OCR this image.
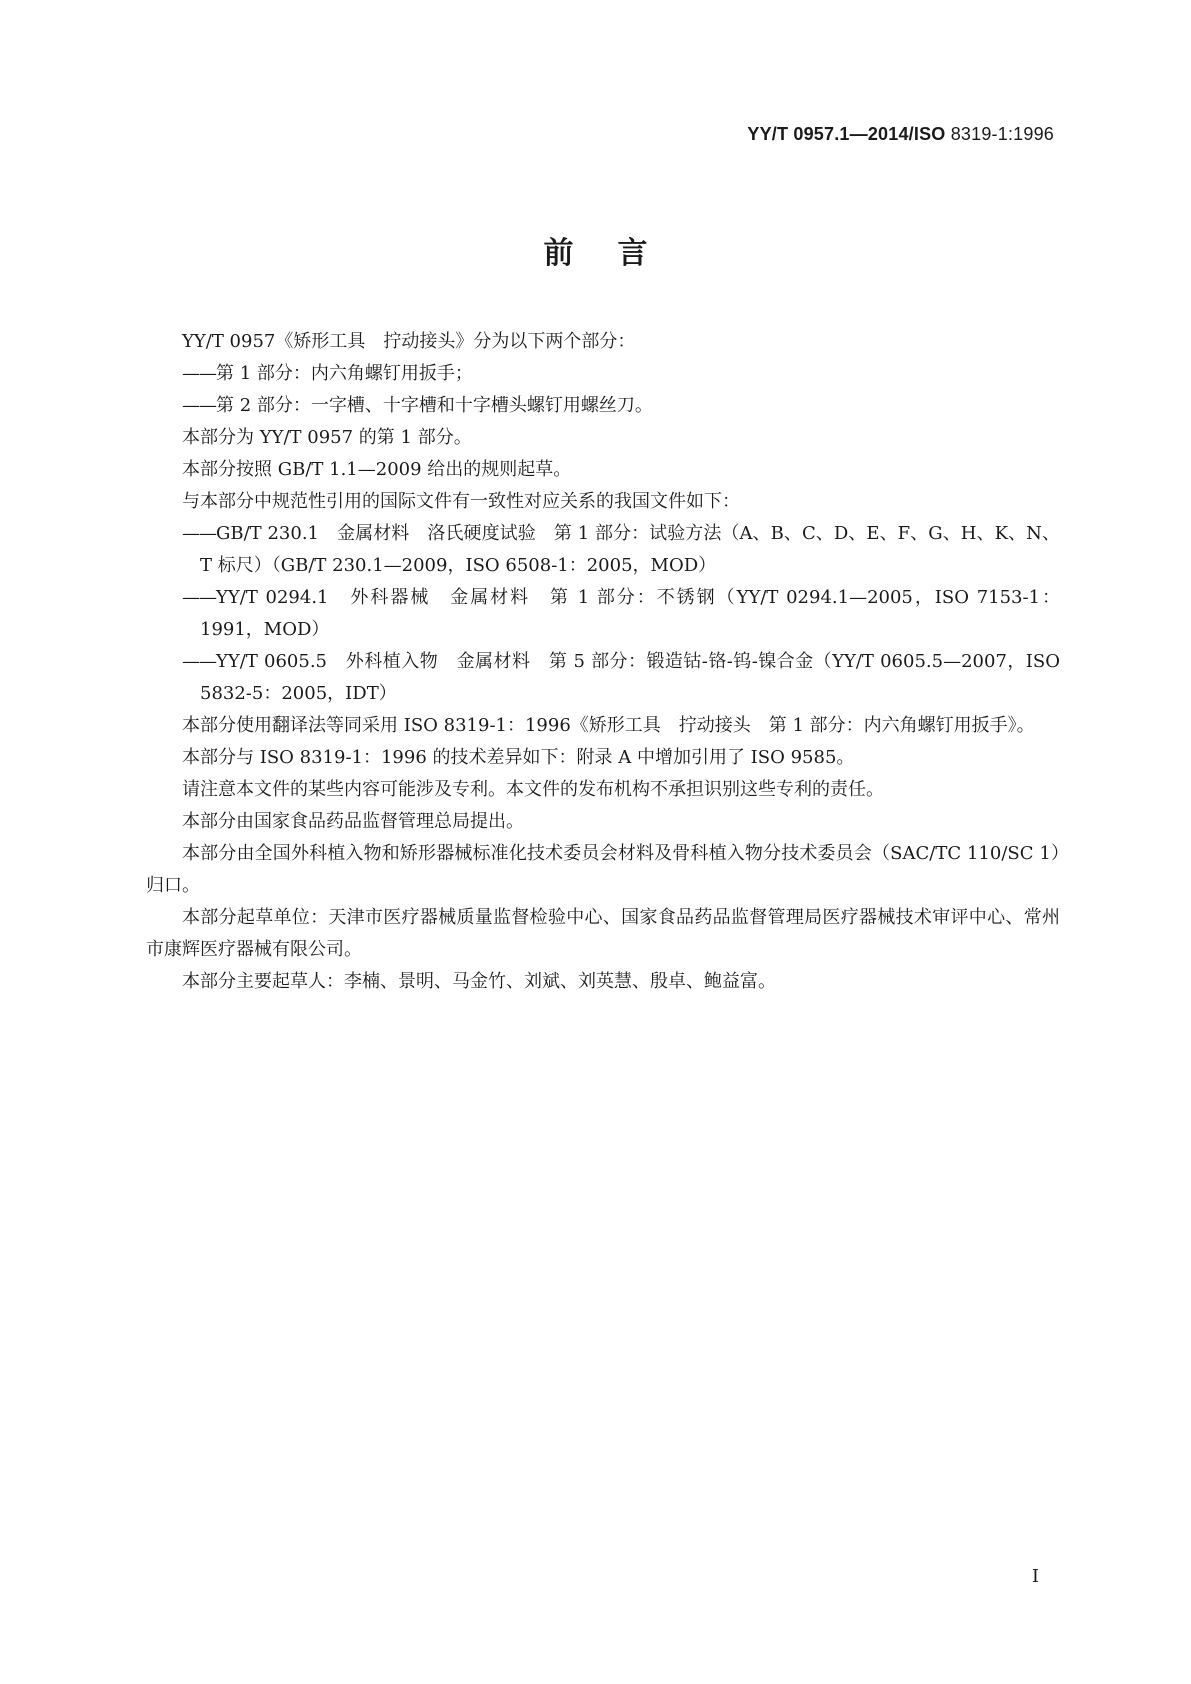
YY/T 0957.1—2014/ISO 8319-1:1996
前言

YY/T 0957《矫形工具　拧动接头》分为以下两个部分：

——第 1 部分：内六角螺钉用扳手；

——第 2 部分：一字槽、十字槽和十字槽头螺钉用螺丝刀。

本部分为 YY/T 0957 的第 1 部分。

本部分按照 GB/T 1.1—2009 给出的规则起草。

与本部分中规范性引用的国际文件有一致性对应关系的我国文件如下：

——GB/T 230.1　金属材料　洛氏硬度试验　第 1 部分：试验方法（A、B、C、D、E、F、G、H、K、N、T 标尺）（GB/T 230.1—2009，ISO 6508-1：2005，MOD）

——YY/T 0294.1　外科器械　金属材料　第 1 部分：不锈钢（YY/T 0294.1—2005，ISO 7153-1：1991，MOD）

——YY/T 0605.5　外科植入物　金属材料　第 5 部分：锻造钴-铬-钨-镍合金（YY/T 0605.5—2007，ISO 5832-5：2005，IDT）

本部分使用翻译法等同采用 ISO 8319-1：1996《矫形工具　拧动接头　第 1 部分：内六角螺钉用扳手》。

本部分与 ISO 8319-1：1996 的技术差异如下：附录 A 中增加引用了 ISO 9585。

请注意本文件的某些内容可能涉及专利。本文件的发布机构不承担识别这些专利的责任。

本部分由国家食品药品监督管理总局提出。

本部分由全国外科植入物和矫形器械标准化技术委员会材料及骨科植入物分技术委员会（SAC/TC 110/SC 1）归口。

本部分起草单位：天津市医疗器械质量监督检验中心、国家食品药品监督管理局医疗器械技术审评中心、常州市康辉医疗器械有限公司。

本部分主要起草人：李楠、景明、马金竹、刘斌、刘英慧、殷卓、鲍益富。

I
